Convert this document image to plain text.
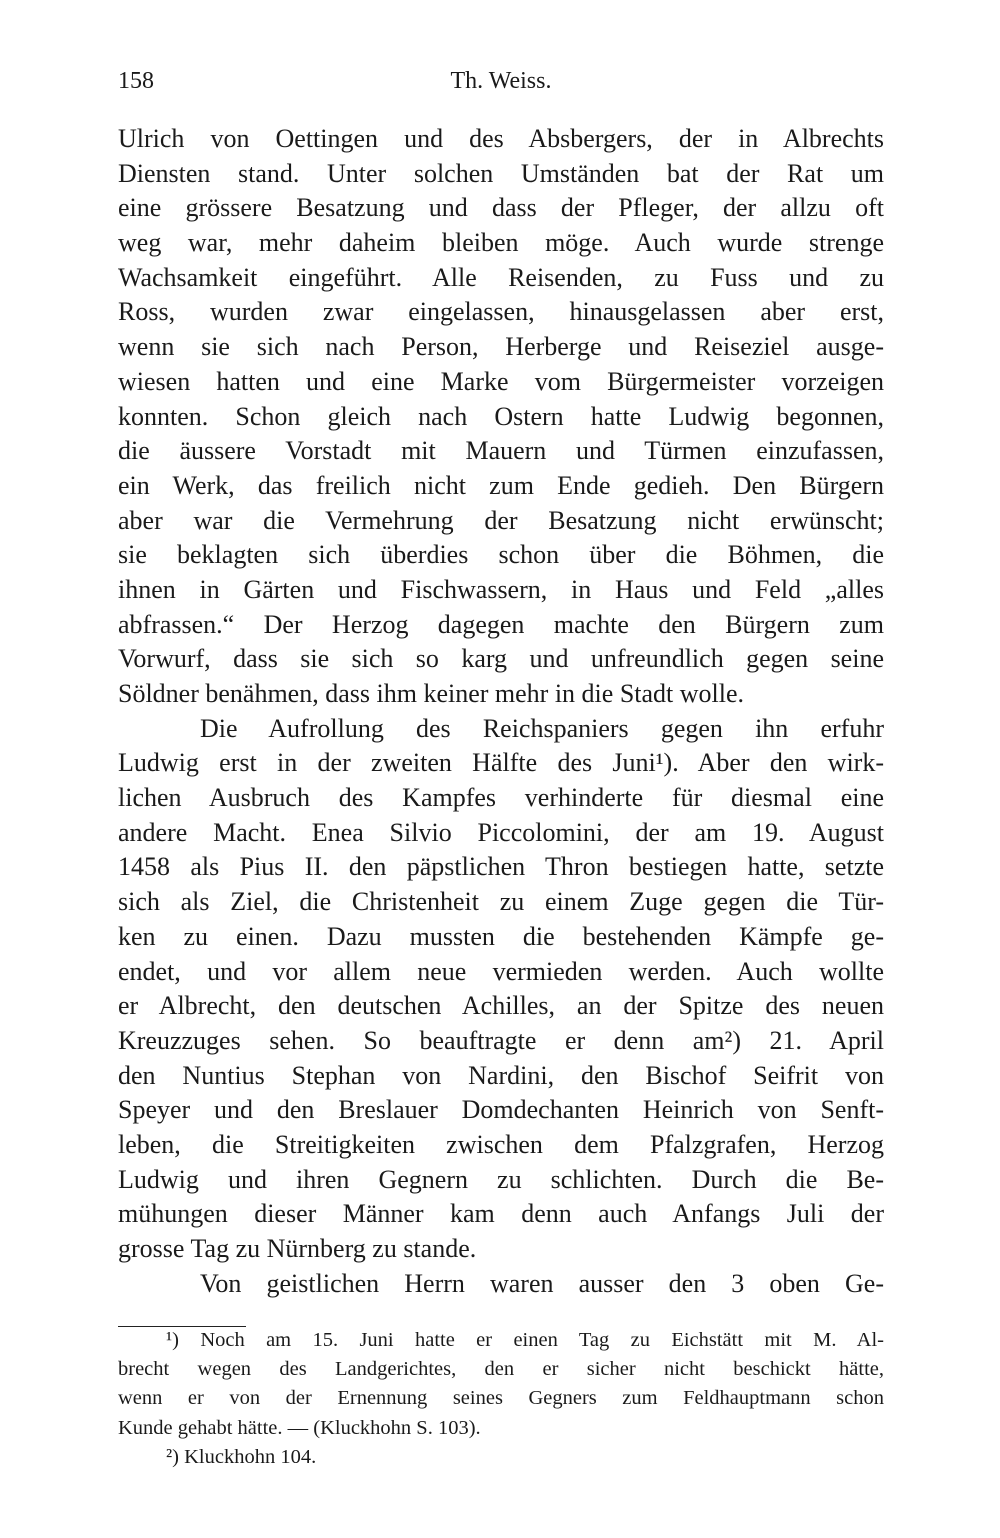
158	Th. Weiss.
Ulrich von Oettingen und des Absbergers, der in Albrechts
Diensten stand. Unter solchen Umständen bat der Rat um
eine grössere Besatzung und dass der Pfleger, der allzu oft
weg war, mehr daheim bleiben möge. Auch wurde strenge
Wachsamkeit eingeführt. Alle Reisenden, zu Fuss und zu
Ross, wurden zwar eingelassen, hinausgelassen aber erst,
wenn sie sich nach Person, Herberge und Reiseziel ausge-
wiesen hatten und eine Marke vom Bürgermeister vorzeigen
konnten. Schon gleich nach Ostern hatte Ludwig begonnen,
die äussere Vorstadt mit Mauern und Türmen einzufassen,
ein Werk, das freilich nicht zum Ende gedieh. Den Bürgern
aber war die Vermehrung der Besatzung nicht erwünscht;
sie beklagten sich überdies schon über die Böhmen, die
ihnen in Gärten und Fischwassern, in Haus und Feld „alles
abfrassen.“ Der Herzog dagegen machte den Bürgern zum
Vorwurf, dass sie sich so karg und unfreundlich gegen seine
Söldner benähmen, dass ihm keiner mehr in die Stadt wolle.
Die Aufrollung des Reichspaniers gegen ihn erfuhr
Ludwig erst in der zweiten Hälfte des Juni¹). Aber den wirk-
lichen Ausbruch des Kampfes verhinderte für diesmal eine
andere Macht. Enea Silvio Piccolomini, der am 19. August
1458 als Pius II. den päpstlichen Thron bestiegen hatte, setzte
sich als Ziel, die Christenheit zu einem Zuge gegen die Tür-
ken zu einen. Dazu mussten die bestehenden Kämpfe ge-
endet, und vor allem neue vermieden werden. Auch wollte
er Albrecht, den deutschen Achilles, an der Spitze des neuen
Kreuzzuges sehen. So beauftragte er denn am²) 21. April
den Nuntius Stephan von Nardini, den Bischof Seifrit von
Speyer und den Breslauer Domdechanten Heinrich von Senft-
leben, die Streitigkeiten zwischen dem Pfalzgrafen, Herzog
Ludwig und ihren Gegnern zu schlichten. Durch die Be-
mühungen dieser Männer kam denn auch Anfangs Juli der
grosse Tag zu Nürnberg zu stande.
Von geistlichen Herrn waren ausser den 3 oben Ge-
¹) Noch am 15. Juni hatte er einen Tag zu Eichstätt mit M. Al-
brecht wegen des Landgerichtes, den er sicher nicht beschickt hätte,
wenn er von der Ernennung seines Gegners zum Feldhauptmann schon
Kunde gehabt hätte. — (Kluckhohn S. 103).
²) Kluckhohn 104.
